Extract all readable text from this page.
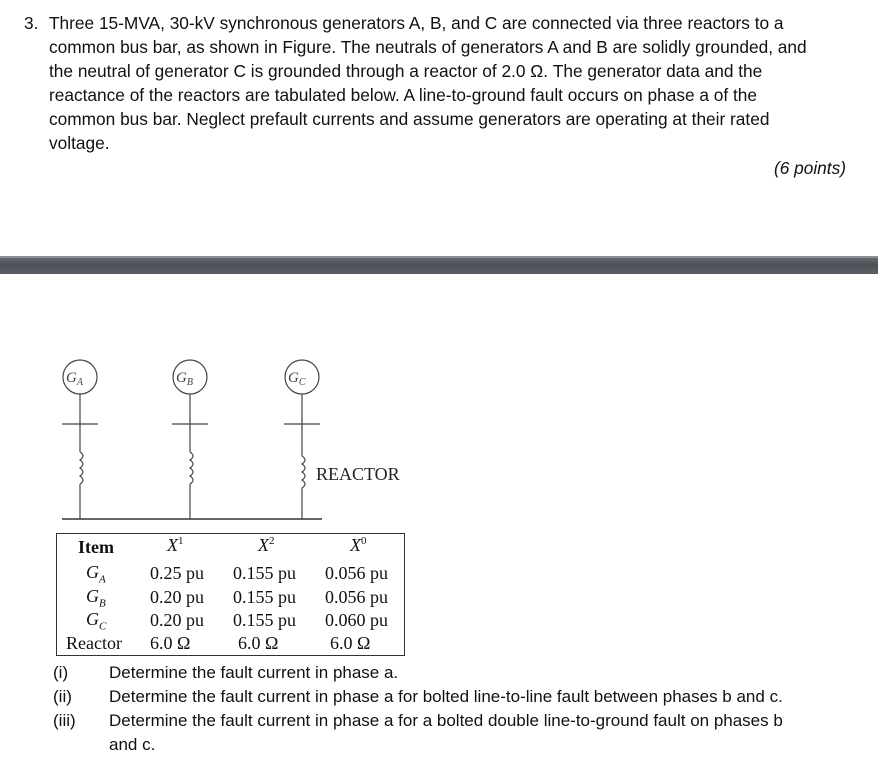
3. Three 15-MVA, 30-kV synchronous generators A, B, and C are connected via three reactors to a
common bus bar, as shown in Figure. The neutrals of generators A and B are solidly grounded, and
the neutral of generator C is grounded through a reactor of 2.0 Ω. The generator data and the
reactance of the reactors are tabulated below. A line-to-ground fault occurs on phase a of the
common bus bar. Neglect prefault currents and assume generators are operating at their rated
voltage.
(6 points)
$G_A$	$G_B$	$G_C$
REACTOR
Item	$X^1$	$X^2$	$X^0$
$G_A$ 0.25 pu 0.155 pu 0.056 pu
$G_B$ 0.20 pu 0.155 pu 0.056 pu
$G_C$ 0.20 pu 0.155 pu 0.060 pu
Reactor 6.0 Ω	6.0 Ω	6.0 Ω
(i) Determine the fault current in phase a.
(ii) Determine the fault current in phase a for bolted line-to-line fault between phases b and c.
(iii) Determine the fault current in phase a for a bolted double line-to-ground fault on phases b
and c.
